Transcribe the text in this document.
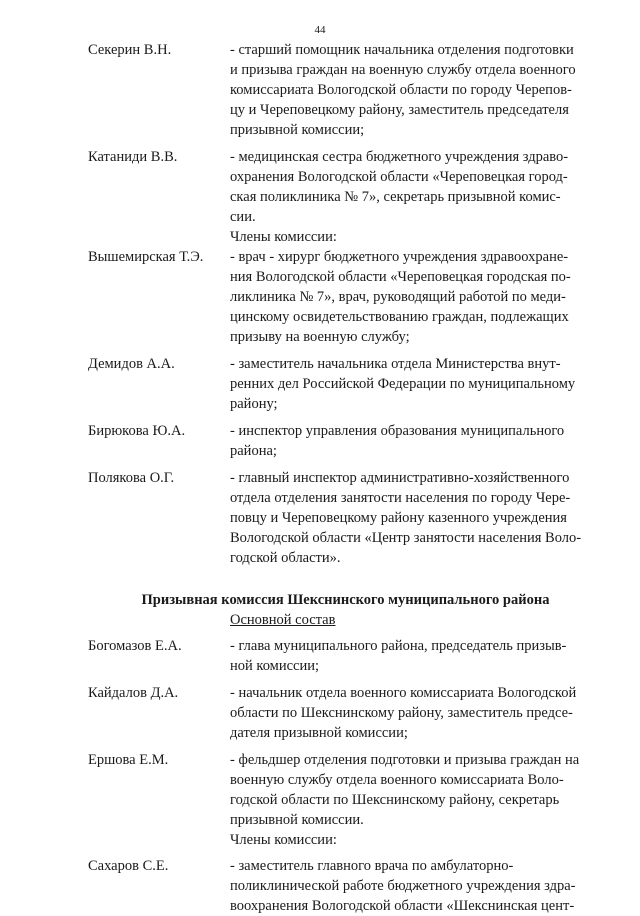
44
Секерин В.Н.	- старший помощник начальника отделения подготовки
и призыва граждан на военную службу отдела военного
комиссариата Вологодской области по городу Черепов-
цу и Череповецкому району, заместитель председателя
призывной комиссии;
Катаниди В.В.	- медицинская сестра бюджетного учреждения здраво-
охранения Вологодской области «Череповецкая город-
ская поликлиника № 7», секретарь призывной комис-
сии.
Члены комиссии:
Вышемирская Т.Э.	- врач - хирург бюджетного учреждения здравоохране-
ния Вологодской области «Череповецкая городская по-
ликлиника № 7», врач, руководящий работой по меди-
цинскому освидетельствованию граждан, подлежащих
призыву на военную службу;
Демидов А.А.	- заместитель начальника отдела Министерства внут-
ренних дел Российской Федерации по муниципальному
району;
Бирюкова Ю.А.	- инспектор управления образования муниципального
района;
Полякова О.Г.	- главный инспектор административно-хозяйственного
отдела отделения занятости населения по городу Чере-
повцу и Череповецкому району казенного учреждения
Вологодской области «Центр занятости населения Воло-
годской области».
Призывная комиссия Шекснинского муниципального района
Основной состав
Богомазов Е.А.	- глава муниципального района, председатель призыв-
ной комиссии;
Кайдалов Д.А.	- начальник отдела военного комиссариата Вологодской
области по Шекснинскому району, заместитель предсе-
дателя призывной комиссии;
Ершова Е.М.	- фельдшер отделения подготовки и призыва граждан на
военную службу отдела военного комиссариата Воло-
годской области по Шекснинскому району, секретарь
призывной комиссии.
Члены комиссии:
Сахаров С.Е.	- заместитель главного врача по амбулаторно-
поликлинической работе бюджетного учреждения здра-
воохранения Вологодской области «Шекснинская цент-
